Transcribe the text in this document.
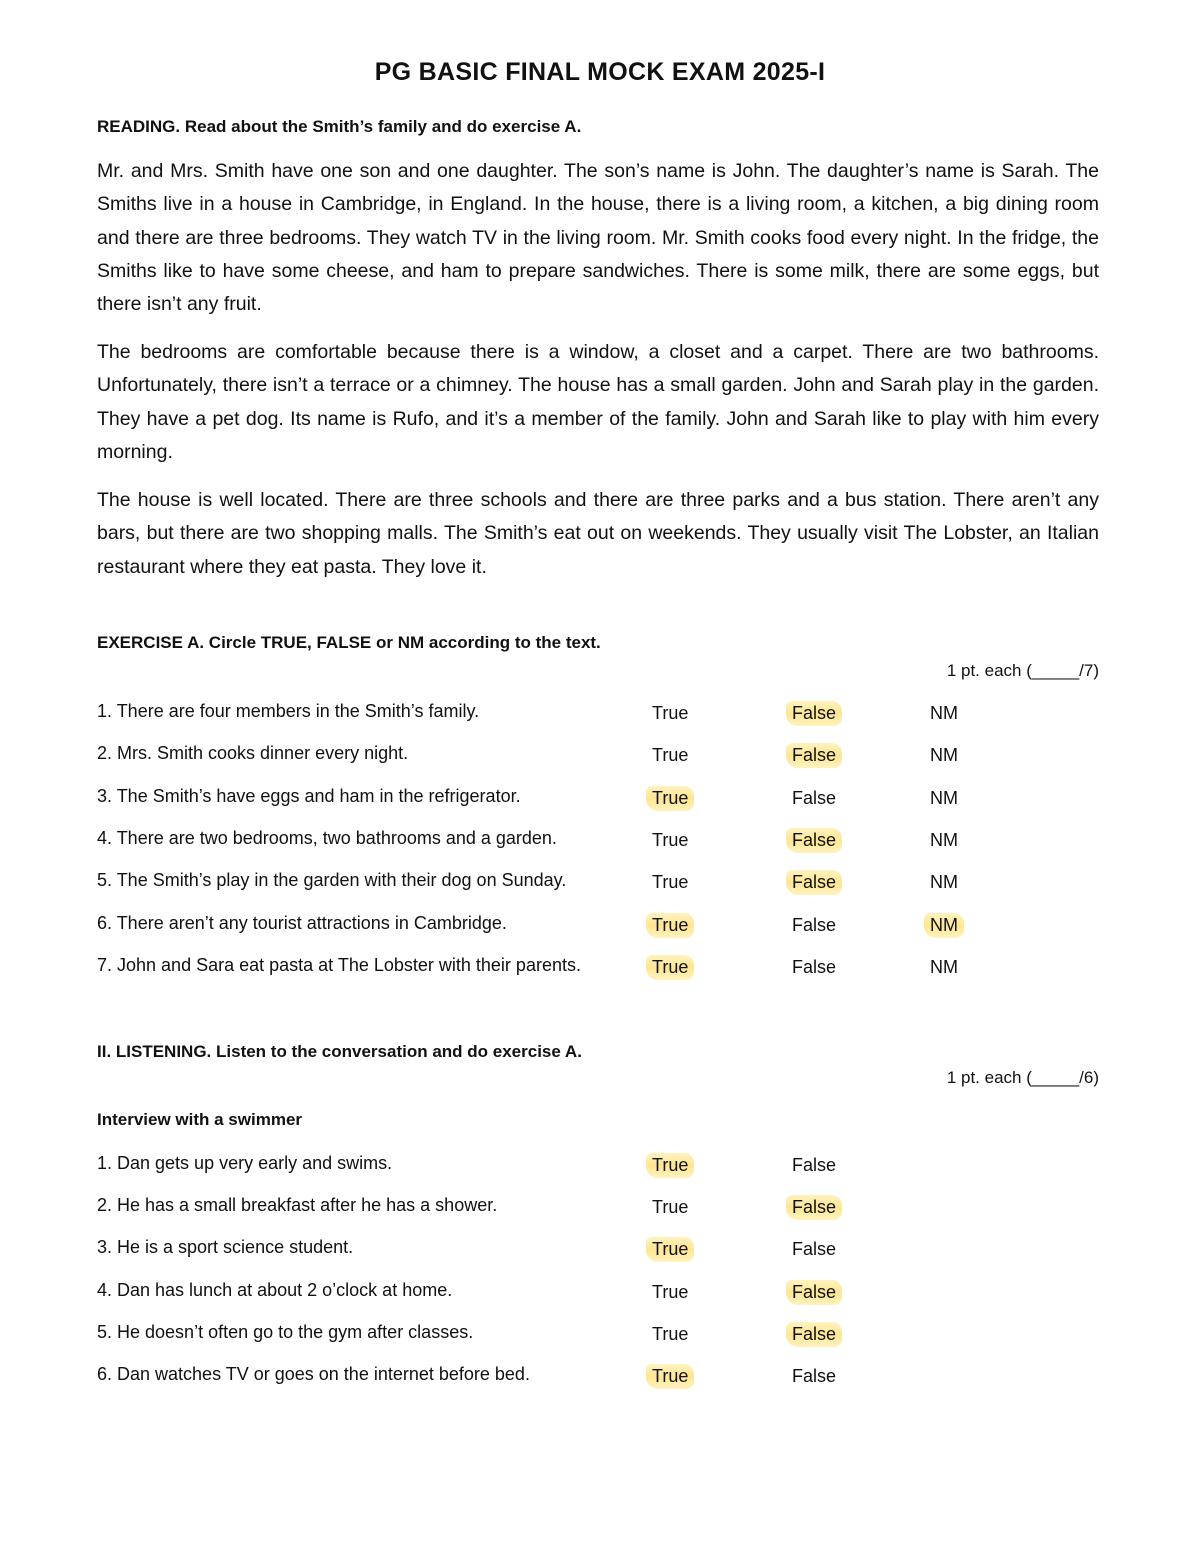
PG BASIC FINAL MOCK EXAM 2025-I
READING. Read about the Smith’s family and do exercise A.

Mr. and Mrs. Smith have one son and one daughter. The son’s name is John. The daughter’s name is Sarah. The Smiths live in a house in Cambridge, in England. In the house, there is a living room, a kitchen, a big dining room and there are three bedrooms. They watch TV in the living room. Mr. Smith cooks food every night. In the fridge, the Smiths like to have some cheese, and ham to prepare sandwiches. There is some milk, there are some eggs, but there isn’t any fruit.

The bedrooms are comfortable because there is a window, a closet and a carpet. There are two bathrooms. Unfortunately, there isn’t a terrace or a chimney. The house has a small garden. John and Sarah play in the garden. They have a pet dog. Its name is Rufo, and it’s a member of the family. John and Sarah like to play with him every morning.

The house is well located. There are three schools and there are three parks and a bus station. There aren’t any bars, but there are two shopping malls. The Smith’s eat out on weekends. They usually visit The Lobster, an Italian restaurant where they eat pasta. They love it.

EXERCISE A. Circle TRUE, FALSE or NM according to the text.
1 pt. each (_____/7)
1. There are four members in the Smith’s family.	True	False	NM
2. Mrs. Smith cooks dinner every night.	True	False	NM
3. The Smith’s have eggs and ham in the refrigerator.	True	False	NM
4. There are two bedrooms, two bathrooms and a garden.	True	False	NM
5. The Smith’s play in the garden with their dog on Sunday.	True	False	NM
6. There aren’t any tourist attractions in Cambridge.	True	False	NM
7. John and Sara eat pasta at The Lobster with their parents.	True	False	NM
II. LISTENING. Listen to the conversation and do exercise A.
1 pt. each (_____/6)
Interview with a swimmer
1. Dan gets up very early and swims.	True	False
2. He has a small breakfast after he has a shower.	True	False
3. He is a sport science student.	True	False
4. Dan has lunch at about 2 o’clock at home.	True	False
5. He doesn’t often go to the gym after classes.	True	False
6. Dan watches TV or goes on the internet before bed.	True	False
